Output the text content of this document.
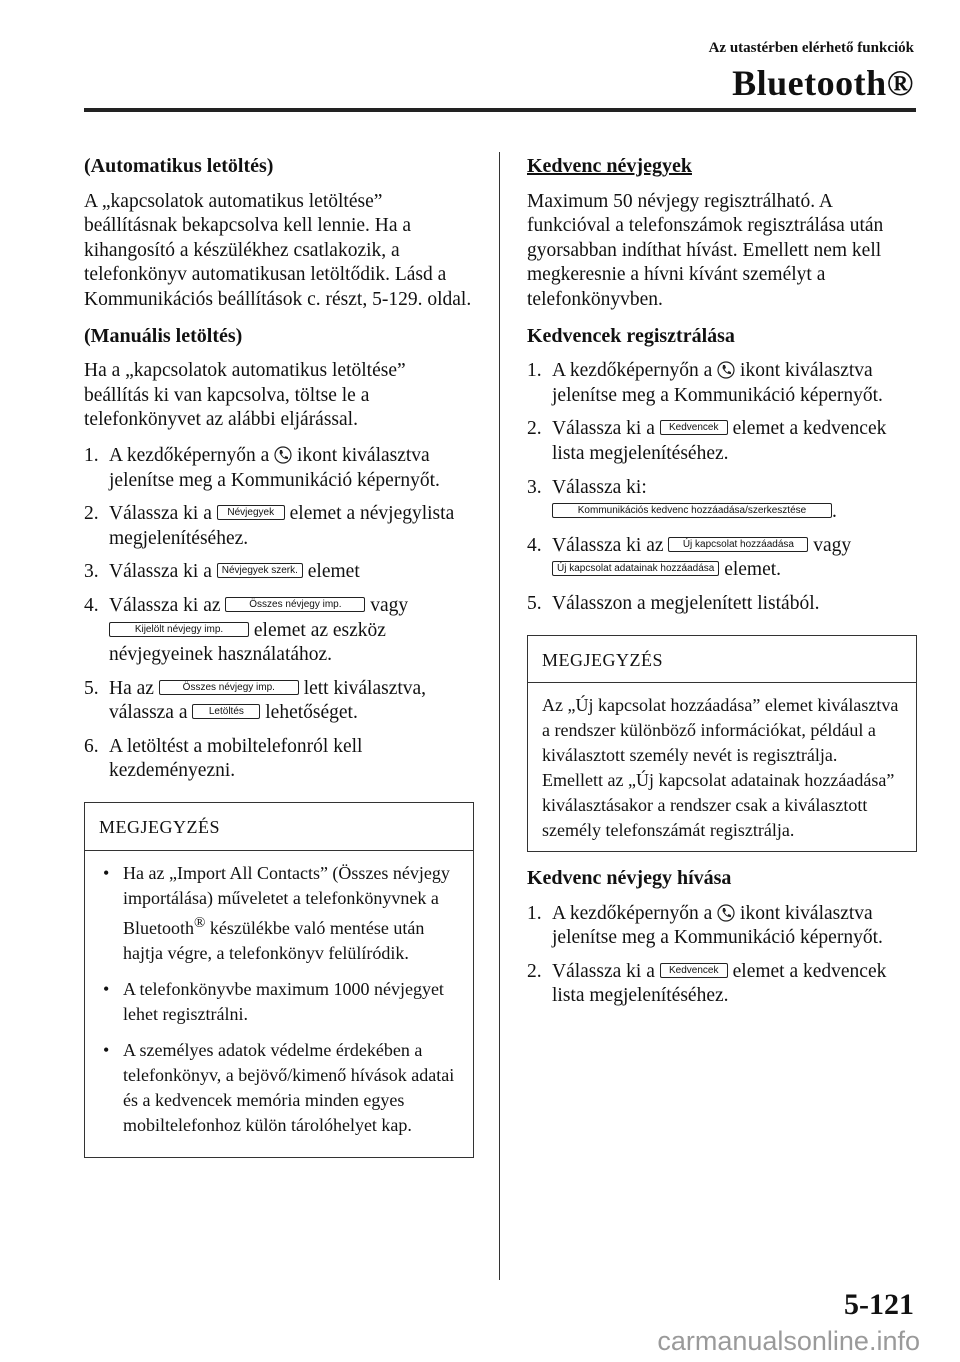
Az utastérben elérhető funkciók
Bluetooth®
(Automatikus letöltés)

A „kapcsolatok automatikus letöltése” beállításnak bekapcsolva kell lennie. Ha a kihangosító a készülékhez csatlakozik, a telefonkönyv automatikusan letöltődik. Lásd a Kommunikációs beállítások c. részt, 5-129. oldal.

(Manuális letöltés)

Ha a „kapcsolatok automatikus letöltése” beállítás ki van kapcsolva, töltse le a telefonkönyvet az alábbi eljárással.

1. A kezdőképernyőn a ikont kiválasztva jelenítse meg a Kommunikáció képernyőt.
2. Válassza ki a Névjegyek elemet a névjegylista megjelenítéséhez.
3. Válassza ki a Névjegyek szerk. elemet
4. Válassza ki az	Összes névjegy imp. vagy Kijelölt névjegy imp. elemet az eszköz névjegyeinek használatához.
5. Ha az	Összes névjegy imp. lett kiválasztva, válassza a Letöltés lehetőséget.
6. A letöltést a mobiltelefonról kell kezdeményezni.
MEGJEGYZÉS
• Ha az „Import All Contacts” (Összes névjegy importálása) műveletet a telefonkönyvnek a Bluetooth® készülékbe való mentése után hajtja végre, a telefonkönyv felülíródik.
• A telefonkönyvbe maximum 1000 névjegyet lehet regisztrálni.
• A személyes adatok védelme érdekében a telefonkönyv, a bejövő/kimenő hívások adatai és a kedvencek memória minden egyes mobiltelefonhoz külön tárolóhelyet kap.
Kedvenc névjegyek

Maximum 50 névjegy regisztrálható. A funkcióval a telefonszámok regisztrálása után gyorsabban indíthat hívást. Emellett nem kell megkeresnie a hívni kívánt személyt a telefonkönyvben.

Kedvencek regisztrálása
1. A kezdőképernyőn a ikont kiválasztva jelenítse meg a Kommunikáció képernyőt.
2. Válassza ki a Kedvencek elemet a kedvencek lista megjelenítéséhez.
3. Válassza ki:
Kommunikációs kedvenc hozzáadása/szerkesztése .
4. Válassza ki az Új kapcsolat hozzáadása vagy Új kapcsolat adatainak hozzáadása elemet.
5. Válasszon a megjelenített listából.
MEGJEGYZÉS
Az „Új kapcsolat hozzáadása” elemet kiválasztva a rendszer különböző információkat, például a kiválasztott személy nevét is regisztrálja. Emellett az „Új kapcsolat adatainak hozzáadása” kiválasztásakor a rendszer csak a kiválasztott személy telefonszámát regisztrálja.
Kedvenc névjegy hívása
1. A kezdőképernyőn a ikont kiválasztva jelenítse meg a Kommunikáció képernyőt.
2. Válassza ki a Kedvencek elemet a kedvencek lista megjelenítéséhez.
5-121
carmanualsonline.info
